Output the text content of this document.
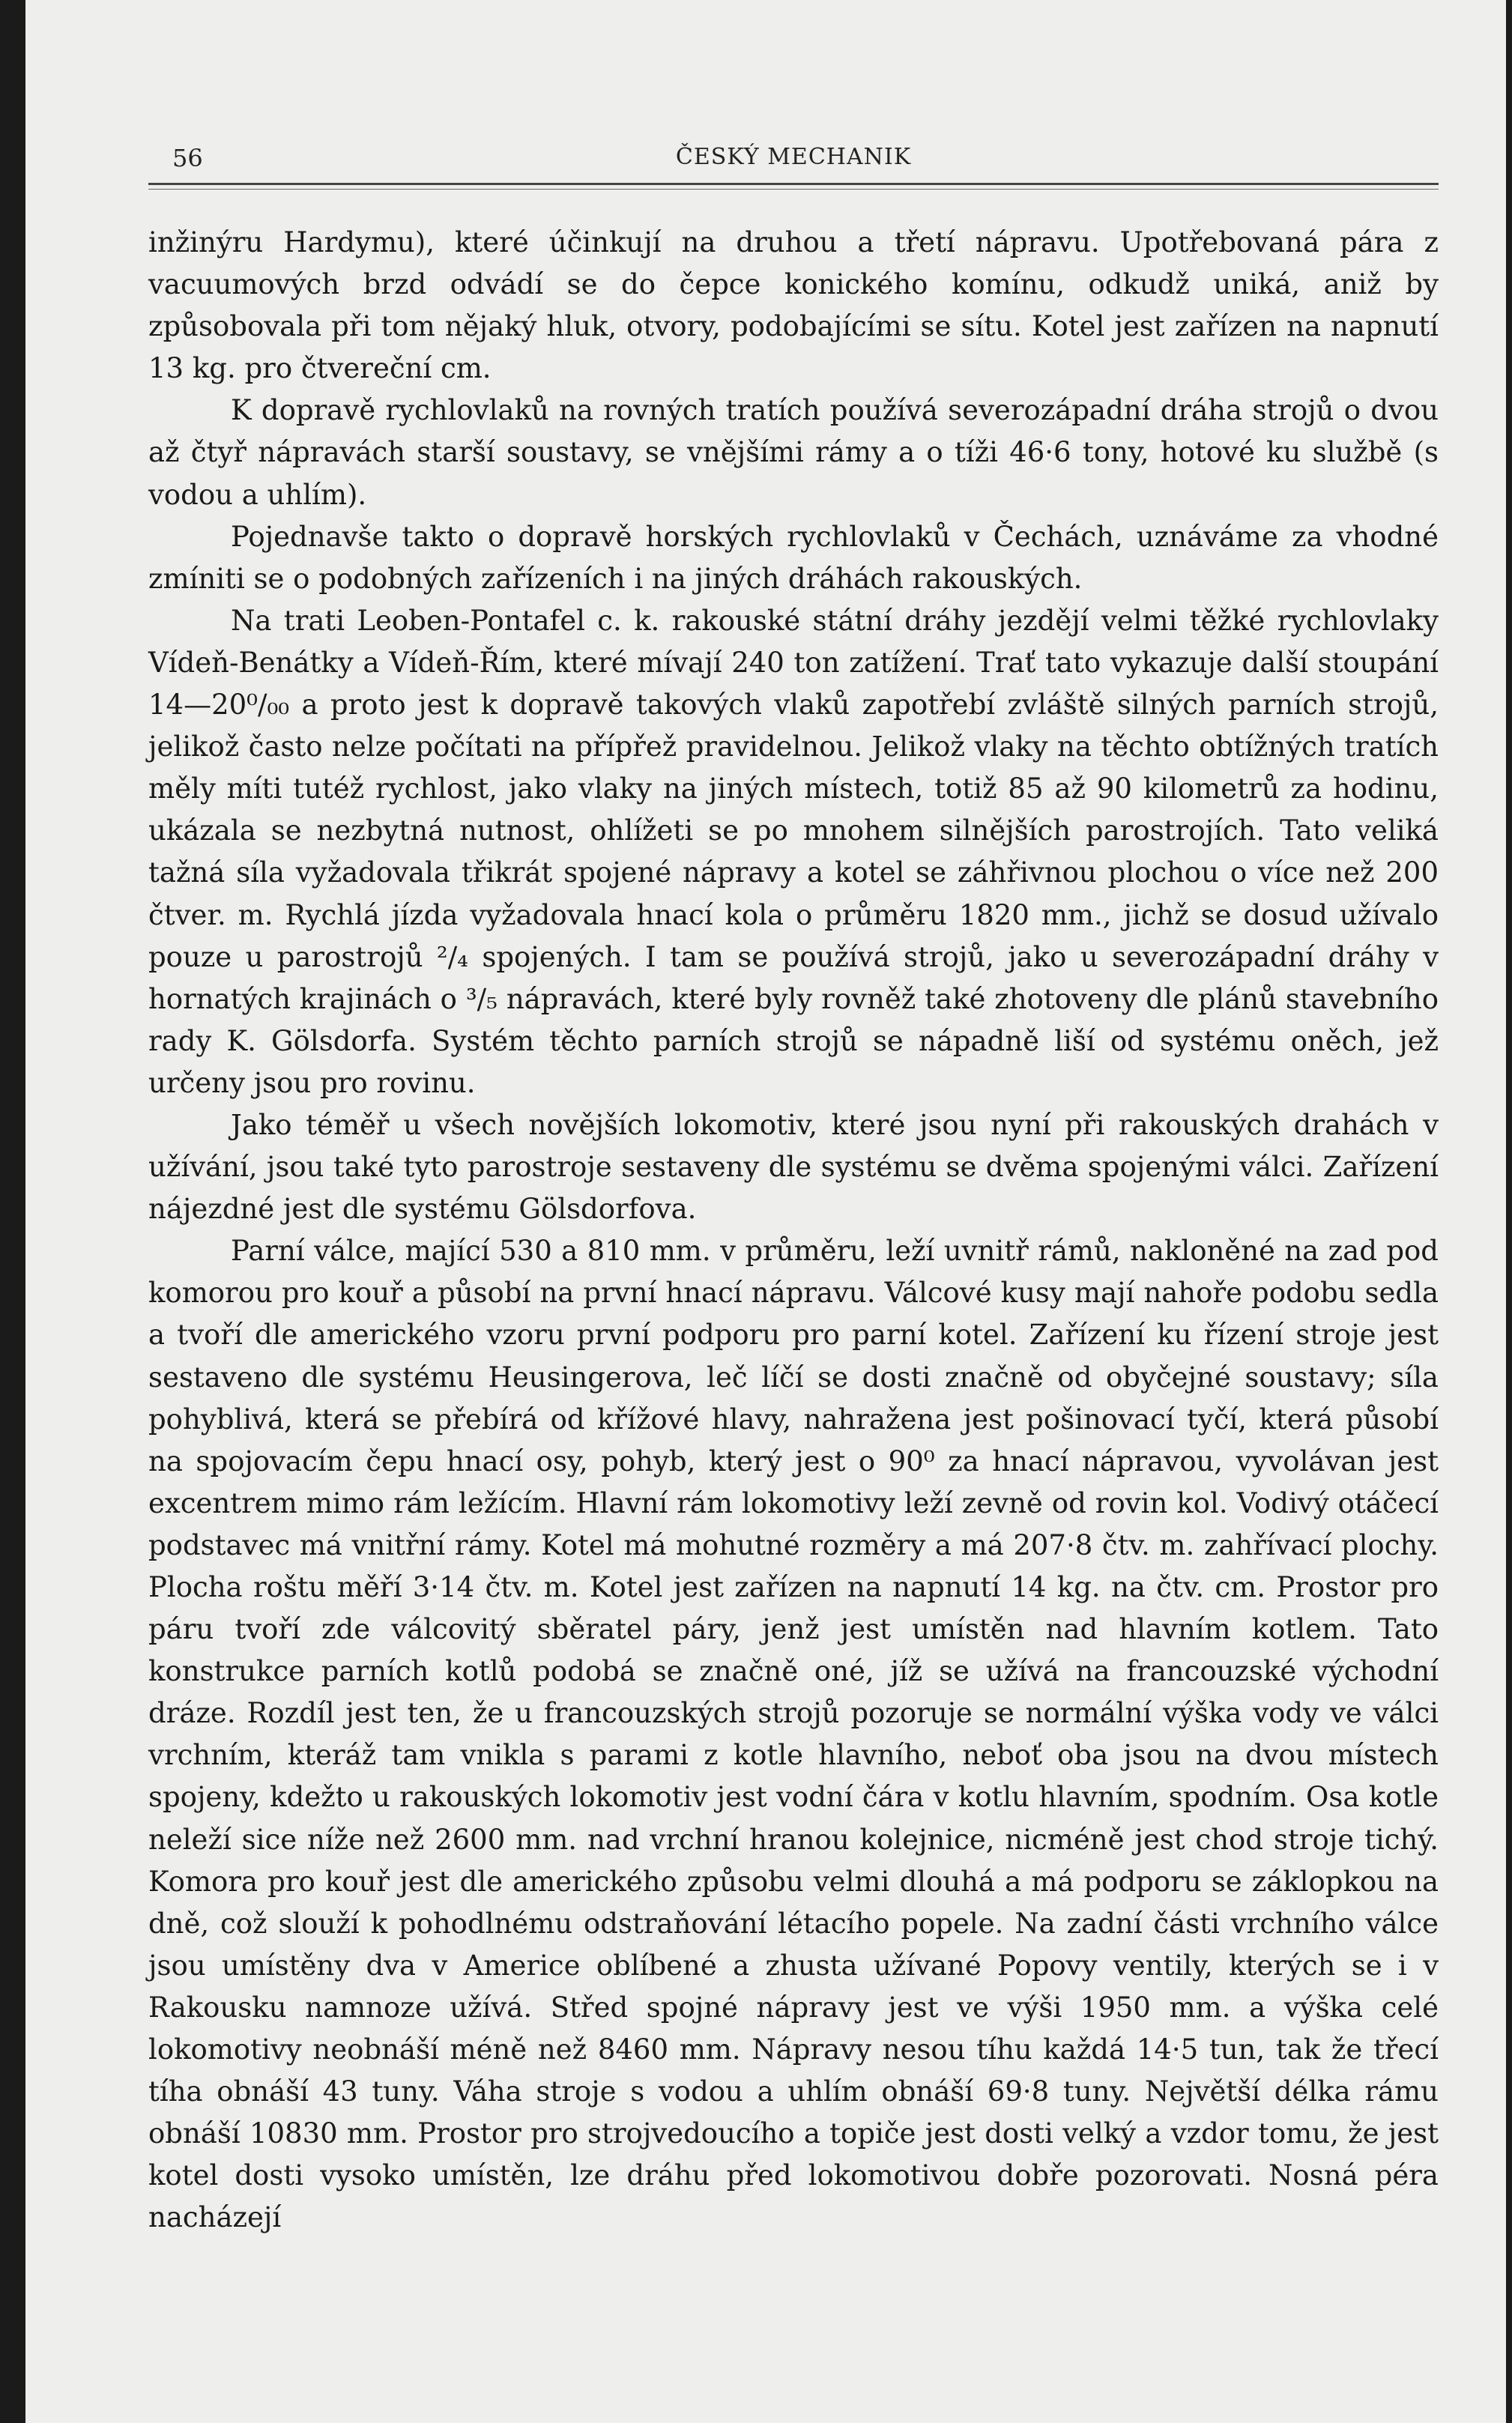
56	ČESKÝ MECHANIK

inžinýru Hardymu), které účinkují na druhou a třetí nápravu. Upotřebovaná pára z vacuumových brzd odvádí se do čepce konického komínu, odkudž uniká, aniž by způsobovala při tom nějaký hluk, otvory, podobajícími se sítu. Kotel jest zařízen na napnutí 13 kg. pro čtvereční cm.

K dopravě rychlovlaků na rovných tratích používá severozápadní dráha strojů o dvou až čtyř nápravách starší soustavy, se vnějšími rámy a o tíži 46·6 tony, hotové ku službě (s vodou a uhlím).

Pojednavše takto o dopravě horských rychlovlaků v Čechách, uznáváme za vhodné zmíniti se o podobných zařízeních i na jiných dráhách rakouských.

Na trati Leoben-Pontafel c. k. rakouské státní dráhy jezdějí velmi těžké rychlovlaky Vídeň-Benátky a Vídeň-Řím, které mívají 240 ton zatížení. Trať tato vykazuje další stoupání 14—20⁰/₀₀ a proto jest k dopravě takových vlaků zapotřebí zvláště silných parních strojů, jelikož často nelze počítati na přípřež pravidelnou. Jelikož vlaky na těchto obtížných tratích měly míti tutéž rychlost, jako vlaky na jiných místech, totiž 85 až 90 kilometrů za hodinu, ukázala se nezbytná nutnost, ohlížeti se po mnohem silnějších parostrojích. Tato veliká tažná síla vyžadovala třikrát spojené nápravy a kotel se záhřivnou plochou o více než 200 čtver. m. Rychlá jízda vyžadovala hnací kola o průměru 1820 mm., jichž se dosud užívalo pouze u parostrojů ²/₄ spojených. I tam se používá strojů, jako u severozápadní dráhy v hornatých krajinách o ³/₅ nápravách, které byly rovněž také zhotoveny dle plánů stavebního rady K. Gölsdorfa. Systém těchto parních strojů se nápadně liší od systému oněch, jež určeny jsou pro rovinu.

Jako téměř u všech novějších lokomotiv, které jsou nyní při rakouských drahách v užívání, jsou také tyto parostroje sestaveny dle systému se dvěma spojenými válci. Zařízení nájezdné jest dle systému Gölsdorfova.

Parní válce, mající 530 a 810 mm. v průměru, leží uvnitř rámů, nakloněné na zad pod komorou pro kouř a působí na první hnací nápravu. Válcové kusy mají nahoře podobu sedla a tvoří dle amerického vzoru první podporu pro parní kotel. Zařízení ku řízení stroje jest sestaveno dle systému Heusingerova, leč líčí se dosti značně od obyčejné soustavy; síla pohyblivá, která se přebírá od křížové hlavy, nahražena jest pošinovací tyčí, která působí na spojovacím čepu hnací osy, pohyb, který jest o 90⁰ za hnací nápravou, vyvolávan jest excentrem mimo rám ležícím. Hlavní rám lokomotivy leží zevně od rovin kol. Vodivý otáčecí podstavec má vnitřní rámy. Kotel má mohutné rozměry a má 207·8 čtv. m. zahřívací plochy. Plocha roštu měří 3·14 čtv. m. Kotel jest zařízen na napnutí 14 kg. na čtv. cm. Prostor pro páru tvoří zde válcovitý sběratel páry, jenž jest umístěn nad hlavním kotlem. Tato konstrukce parních kotlů podobá se značně oné, jíž se užívá na francouzské východní dráze. Rozdíl jest ten, že u francouzských strojů pozoruje se normální výška vody ve válci vrchním, kteráž tam vnikla s parami z kotle hlavního, neboť oba jsou na dvou místech spojeny, kdežto u rakouských lokomotiv jest vodní čára v kotlu hlavním, spodním. Osa kotle neleží sice níže než 2600 mm. nad vrchní hranou kolejnice, nicméně jest chod stroje tichý. Komora pro kouř jest dle amerického způsobu velmi dlouhá a má podporu se záklopkou na dně, což slouží k pohodlnému odstraňování létacího popele. Na zadní části vrchního válce jsou umístěny dva v Americe oblíbené a zhusta užívané Popovy ventily, kterých se i v Rakousku namnoze užívá. Střed spojné nápravy jest ve výši 1950 mm. a výška celé lokomotivy neobnáší méně než 8460 mm. Nápravy nesou tíhu každá 14·5 tun, tak že třecí tíha obnáší 43 tuny. Váha stroje s vodou a uhlím obnáší 69·8 tuny. Největší délka rámu obnáší 10830 mm. Prostor pro strojvedoucího a topiče jest dosti velký a vzdor tomu, že jest kotel dosti vysoko umístěn, lze dráhu před lokomotivou dobře pozorovati. Nosná péra nacházejí
